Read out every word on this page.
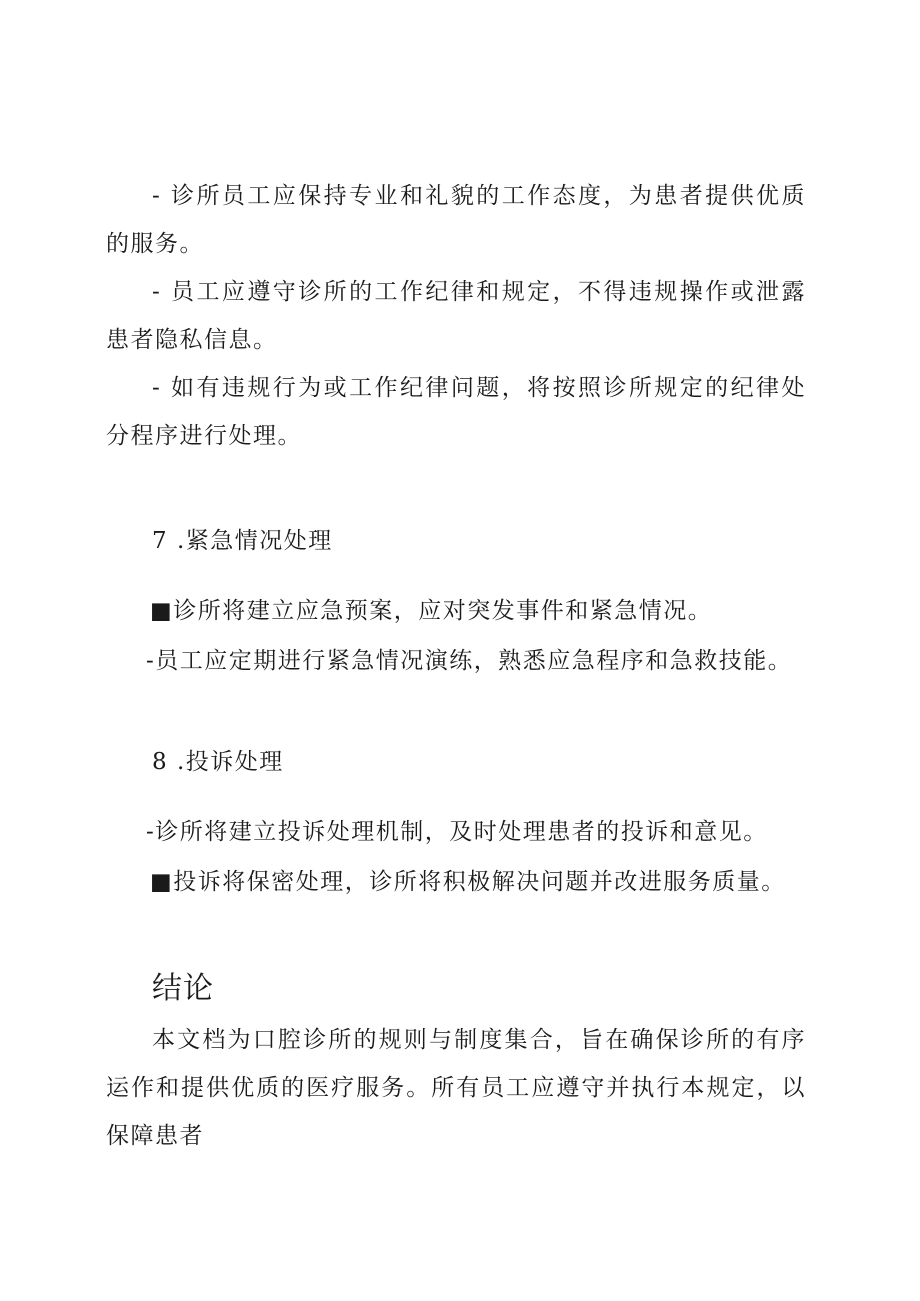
- 诊所员工应保持专业和礼貌的工作态度，为患者提供优质的服务。

- 员工应遵守诊所的工作纪律和规定，不得违规操作或泄露患者隐私信息。

- 如有违规行为或工作纪律问题，将按照诊所规定的纪律处分程序进行处理。

7 .紧急情况处理

■诊所将建立应急预案，应对突发事件和紧急情况。

-员工应定期进行紧急情况演练，熟悉应急程序和急救技能。

8 .投诉处理

-诊所将建立投诉处理机制，及时处理患者的投诉和意见。

■投诉将保密处理，诊所将积极解决问题并改进服务质量。

结论

本文档为口腔诊所的规则与制度集合，旨在确保诊所的有序运作和提供优质的医疗服务。所有员工应遵守并执行本规定，以保障患者
